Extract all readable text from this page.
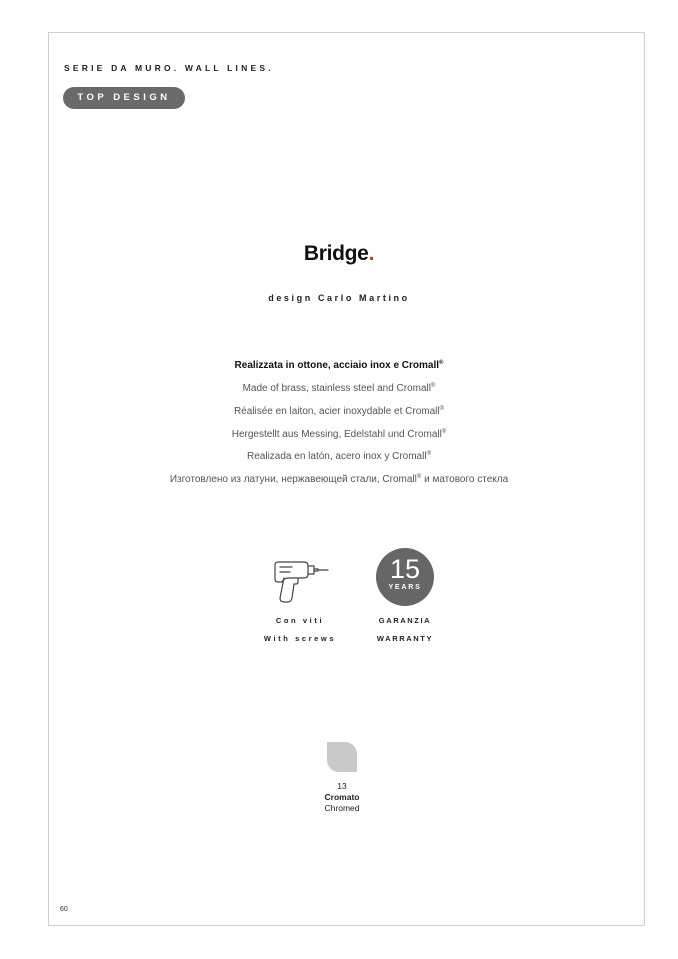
SERIE DA MURO. WALL LINES.
TOP DESIGN
Bridge.
design Carlo Martino
Realizzata in ottone, acciaio inox e Cromall®
Made of brass, stainless steel and Cromall®
Réalisée en laiton, acier inoxydable et Cromall®
Hergestellt aus Messing, Edelstahl und Cromall®
Realizada en latón, acero inox y Cromall®
Изготовлено из латуни, нержавеющей стали, Cromall® и матового стекла
Con viti
With screws
15
YEARS
GARANZIA
WARRANTY
13
Cromato
Chromed
60
